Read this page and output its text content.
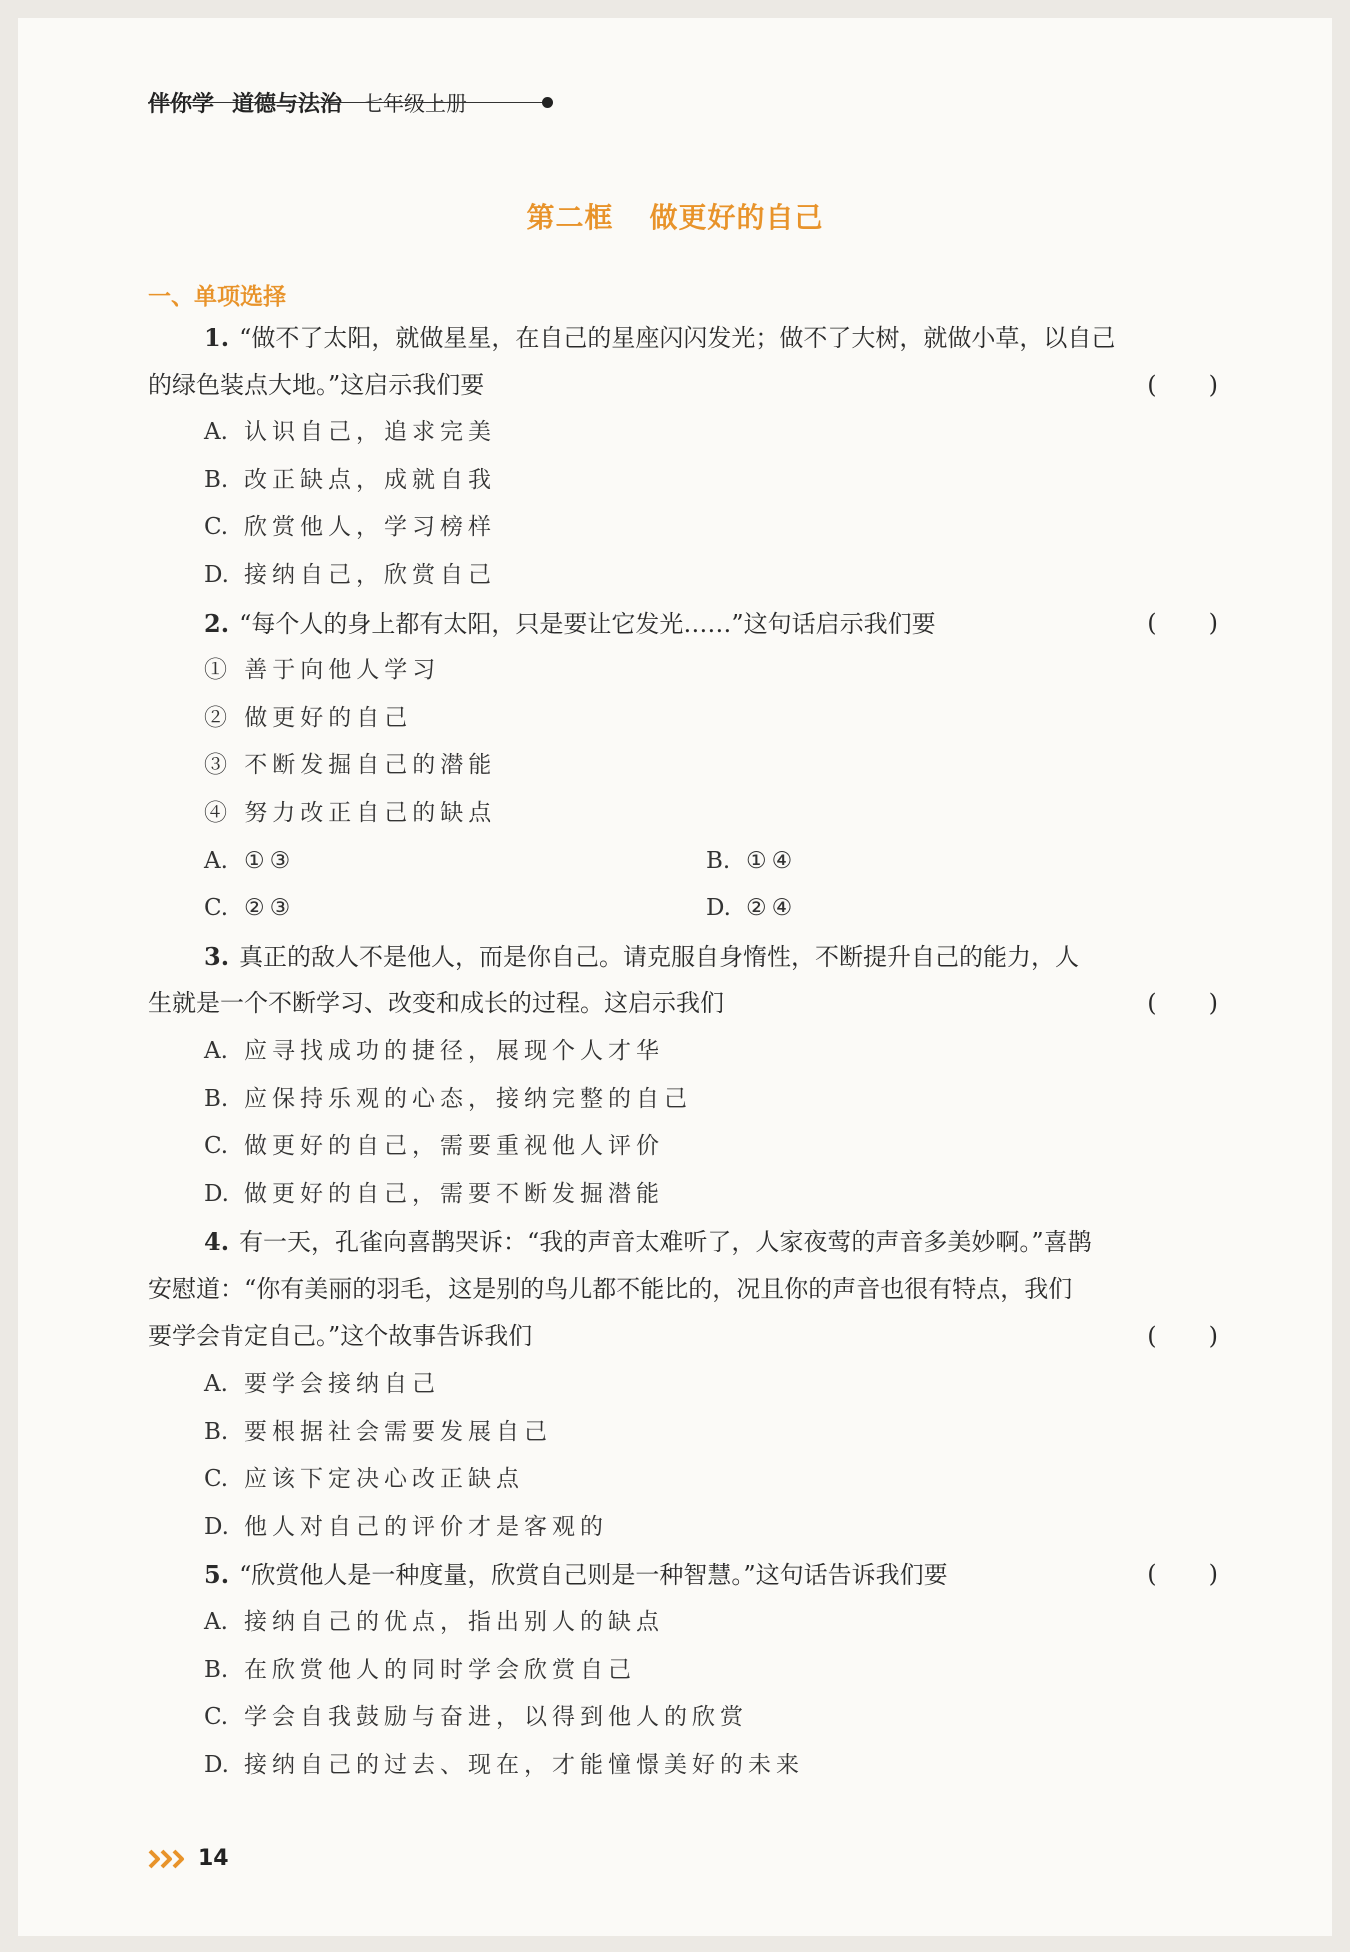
伴你学 道德与法治 七年级上册
第二框 做更好的自己
一、单项选择
1. “做不了太阳，就做星星，在自己的星座闪闪发光；做不了大树，就做小草，以自己
的绿色装点大地。”这启示我们要	( )
A. 认识自己，追求完美
B. 改正缺点，成就自我
C. 欣赏他人，学习榜样
D. 接纳自己，欣赏自己
2. “每个人的身上都有太阳，只是要让它发光……”这句话启示我们要	( )
① 善于向他人学习
② 做更好的自己
③ 不断发掘自己的潜能
④ 努力改正自己的缺点
A. ①③	B. ①④
C. ②③	D. ②④
3. 真正的敌人不是他人，而是你自己。请克服自身惰性，不断提升自己的能力，人
生就是一个不断学习、改变和成长的过程。这启示我们	( )
A. 应寻找成功的捷径，展现个人才华
B. 应保持乐观的心态，接纳完整的自己
C. 做更好的自己，需要重视他人评价
D. 做更好的自己，需要不断发掘潜能
4. 有一天，孔雀向喜鹊哭诉：“我的声音太难听了，人家夜莺的声音多美妙啊。”喜鹊
安慰道：“你有美丽的羽毛，这是别的鸟儿都不能比的，况且你的声音也很有特点，我们
要学会肯定自己。”这个故事告诉我们	( )
A. 要学会接纳自己
B. 要根据社会需要发展自己
C. 应该下定决心改正缺点
D. 他人对自己的评价才是客观的
5. “欣赏他人是一种度量，欣赏自己则是一种智慧。”这句话告诉我们要	( )
A. 接纳自己的优点，指出别人的缺点
B. 在欣赏他人的同时学会欣赏自己
C. 学会自我鼓励与奋进，以得到他人的欣赏
D. 接纳自己的过去、现在，才能憧憬美好的未来
14
